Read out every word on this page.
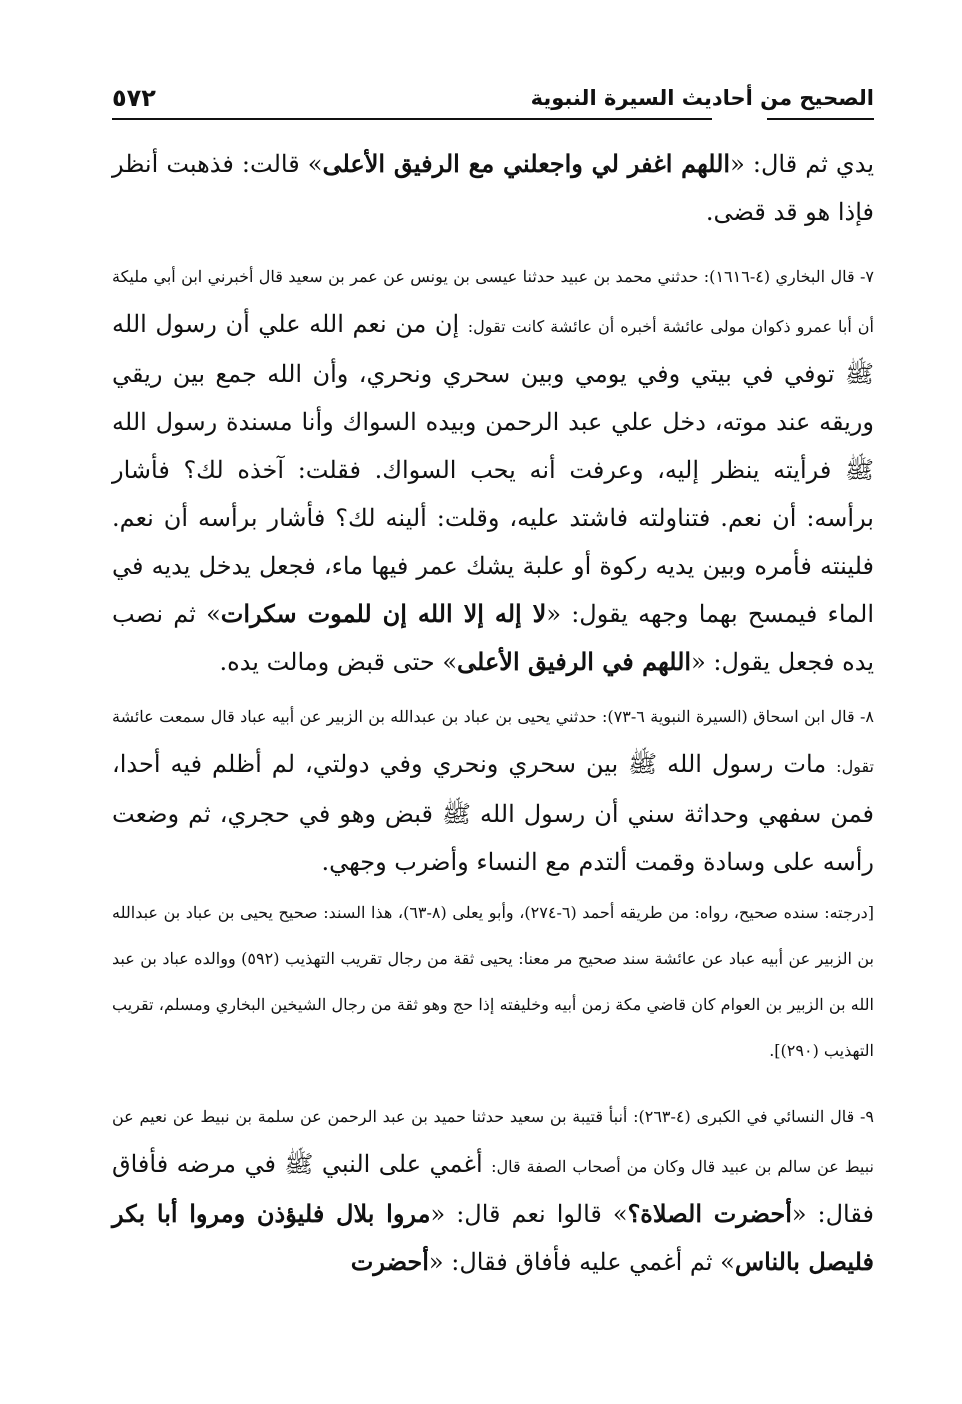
الصحيح من أحاديث السيرة النبوية
٥٧٢

يدي ثم قال: «اللهم اغفر لي واجعلني مع الرفيق الأعلى» قالت: فذهبت أنظر فإذا هو قد قضى.

٧- قال البخاري (٤-١٦١٦): حدثني محمد بن عبيد حدثنا عيسى بن يونس عن عمر بن سعيد قال أخبرني ابن أبي مليكة أن أبا عمرو ذكوان مولى عائشة أخبره أن عائشة كانت تقول: إن من نعم الله علي أن رسول الله ﷺ توفي في بيتي وفي يومي وبين سحري ونحري، وأن الله جمع بين ريقي وريقه عند موته، دخل علي عبد الرحمن وبيده السواك وأنا مسندة رسول الله ﷺ فرأيته ينظر إليه، وعرفت أنه يحب السواك. فقلت: آخذه لك؟ فأشار برأسه: أن نعم. فتناولته فاشتد عليه، وقلت: ألينه لك؟ فأشار برأسه أن نعم. فلينته فأمره وبين يديه ركوة أو علبة يشك عمر فيها ماء، فجعل يدخل يديه في الماء فيمسح بهما وجهه يقول: «لا إله إلا الله إن للموت سكرات» ثم نصب يده فجعل يقول: «اللهم في الرفيق الأعلى» حتى قبض ومالت يده.

٨- قال ابن اسحاق (السيرة النبوية ٦-٧٣): حدثني يحيى بن عباد بن عبدالله بن الزبير عن أبيه عباد قال سمعت عائشة تقول: مات رسول الله ﷺ بين سحري ونحري وفي دولتي، لم أظلم فيه أحدا، فمن سفهي وحداثة سني أن رسول الله ﷺ قبض وهو في حجري، ثم وضعت رأسه على وسادة وقمت ألتدم مع النساء وأضرب وجهي.

[درجته: سنده صحيح، رواه: من طريقه أحمد (٦-٢٧٤)، وأبو يعلى (٨-٦٣)، هذا السند: صحيح يحيى بن عباد بن عبدالله بن الزبير عن أبيه عباد عن عائشة سند صحيح مر معنا: يحيى ثقة من رجال تقريب التهذيب (٥٩٢) ووالده عباد بن عبد الله بن الزبير بن العوام كان قاضي مكة زمن أبيه وخليفته إذا حج وهو ثقة من رجال الشيخين البخاري ومسلم، تقريب التهذيب (٢٩٠)].

٩- قال النسائي في الكبرى (٤-٢٦٣): أنبأ قتيبة بن سعيد حدثنا حميد بن عبد الرحمن عن سلمة بن نبيط عن نعيم عن نبيط عن سالم بن عبيد قال وكان من أصحاب الصفة قال: أغمي على النبي ﷺ في مرضه فأفاق فقال: «أحضرت الصلاة؟» قالوا نعم قال: «مروا بلال فليؤذن ومروا أبا بكر فليصل بالناس» ثم أغمي عليه فأفاق فقال: «أحضرت
